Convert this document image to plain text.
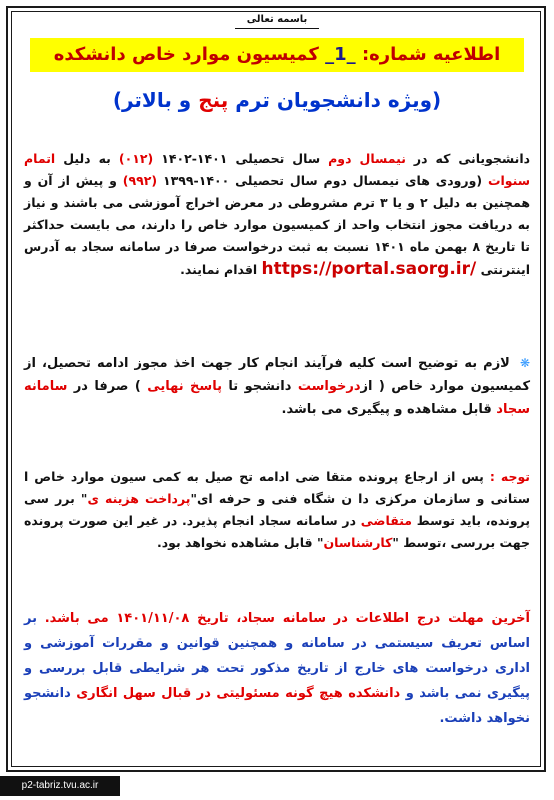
باسمه تعالی
اطلاعیه شماره: _1_ کمیسیون موارد خاص دانشکده
(ویژه دانشجویان ترم پنج و بالاتر)
دانشجویانی که در نیمسال دوم سال تحصیلی ۱۴۰۱-۱۴۰۲ (۰۱۲) به دلیل اتمام سنوات (ورودی های نیمسال دوم سال تحصیلی ۱۴۰۰-۱۳۹۹ (۹۹۲) و پیش از آن و همچنین به دلیل ۲ و یا ۳ ترم مشروطی در معرض اخراج آموزشی می باشند و نیاز به دریافت مجوز انتخاب واحد از کمیسیون موارد خاص را دارند، می بایست حداکثر تا تاریخ ۸ بهمن ماه ۱۴۰۱ نسبت به ثبت درخواست صرفا در سامانه سجاد به آدرس اینترنتی https://portal.saorg.ir/ اقدام نمایند.
❋ لازم به توضیح است کلیه فرآیند انجام کار جهت اخذ مجوز ادامه تحصیل، از کمیسیون موارد خاص ( ازدرخواست دانشجو تا پاسخ نهایی ) صرفا در سامانه سجاد قابل مشاهده و پیگیری می باشد.
توجه : پس از ارجاع پرونده متقا ضی ادامه تح صیل به کمی سیون موارد خاص ا ستانی و سازمان مرکزی دا ن شگاه فنی و حرفه ای"پرداخت هزینه ی" برر سی پرونده، باید توسط متقاضی در سامانه سجاد انجام پذیرد. در غیر این صورت پرونده جهت بررسی ،توسط "کارشناسان" قابل مشاهده نخواهد بود.
آخرین مهلت درج اطلاعات در سامانه سجاد، تاریخ ۱۴۰۱/۱۱/۰۸ می باشد. بر اساس تعریف سیستمی در سامانه و همچنین قوانین و مقررات آموزشی و اداری درخواست های خارج از تاریخ مذکور تحت هر شرایطی قابل بررسی و پیگیری نمی باشد و دانشکده هیچ گونه مسئولیتی در قبال سهل انگاری دانشجو نخواهد داشت.
p2-tabriz.tvu.ac.ir
